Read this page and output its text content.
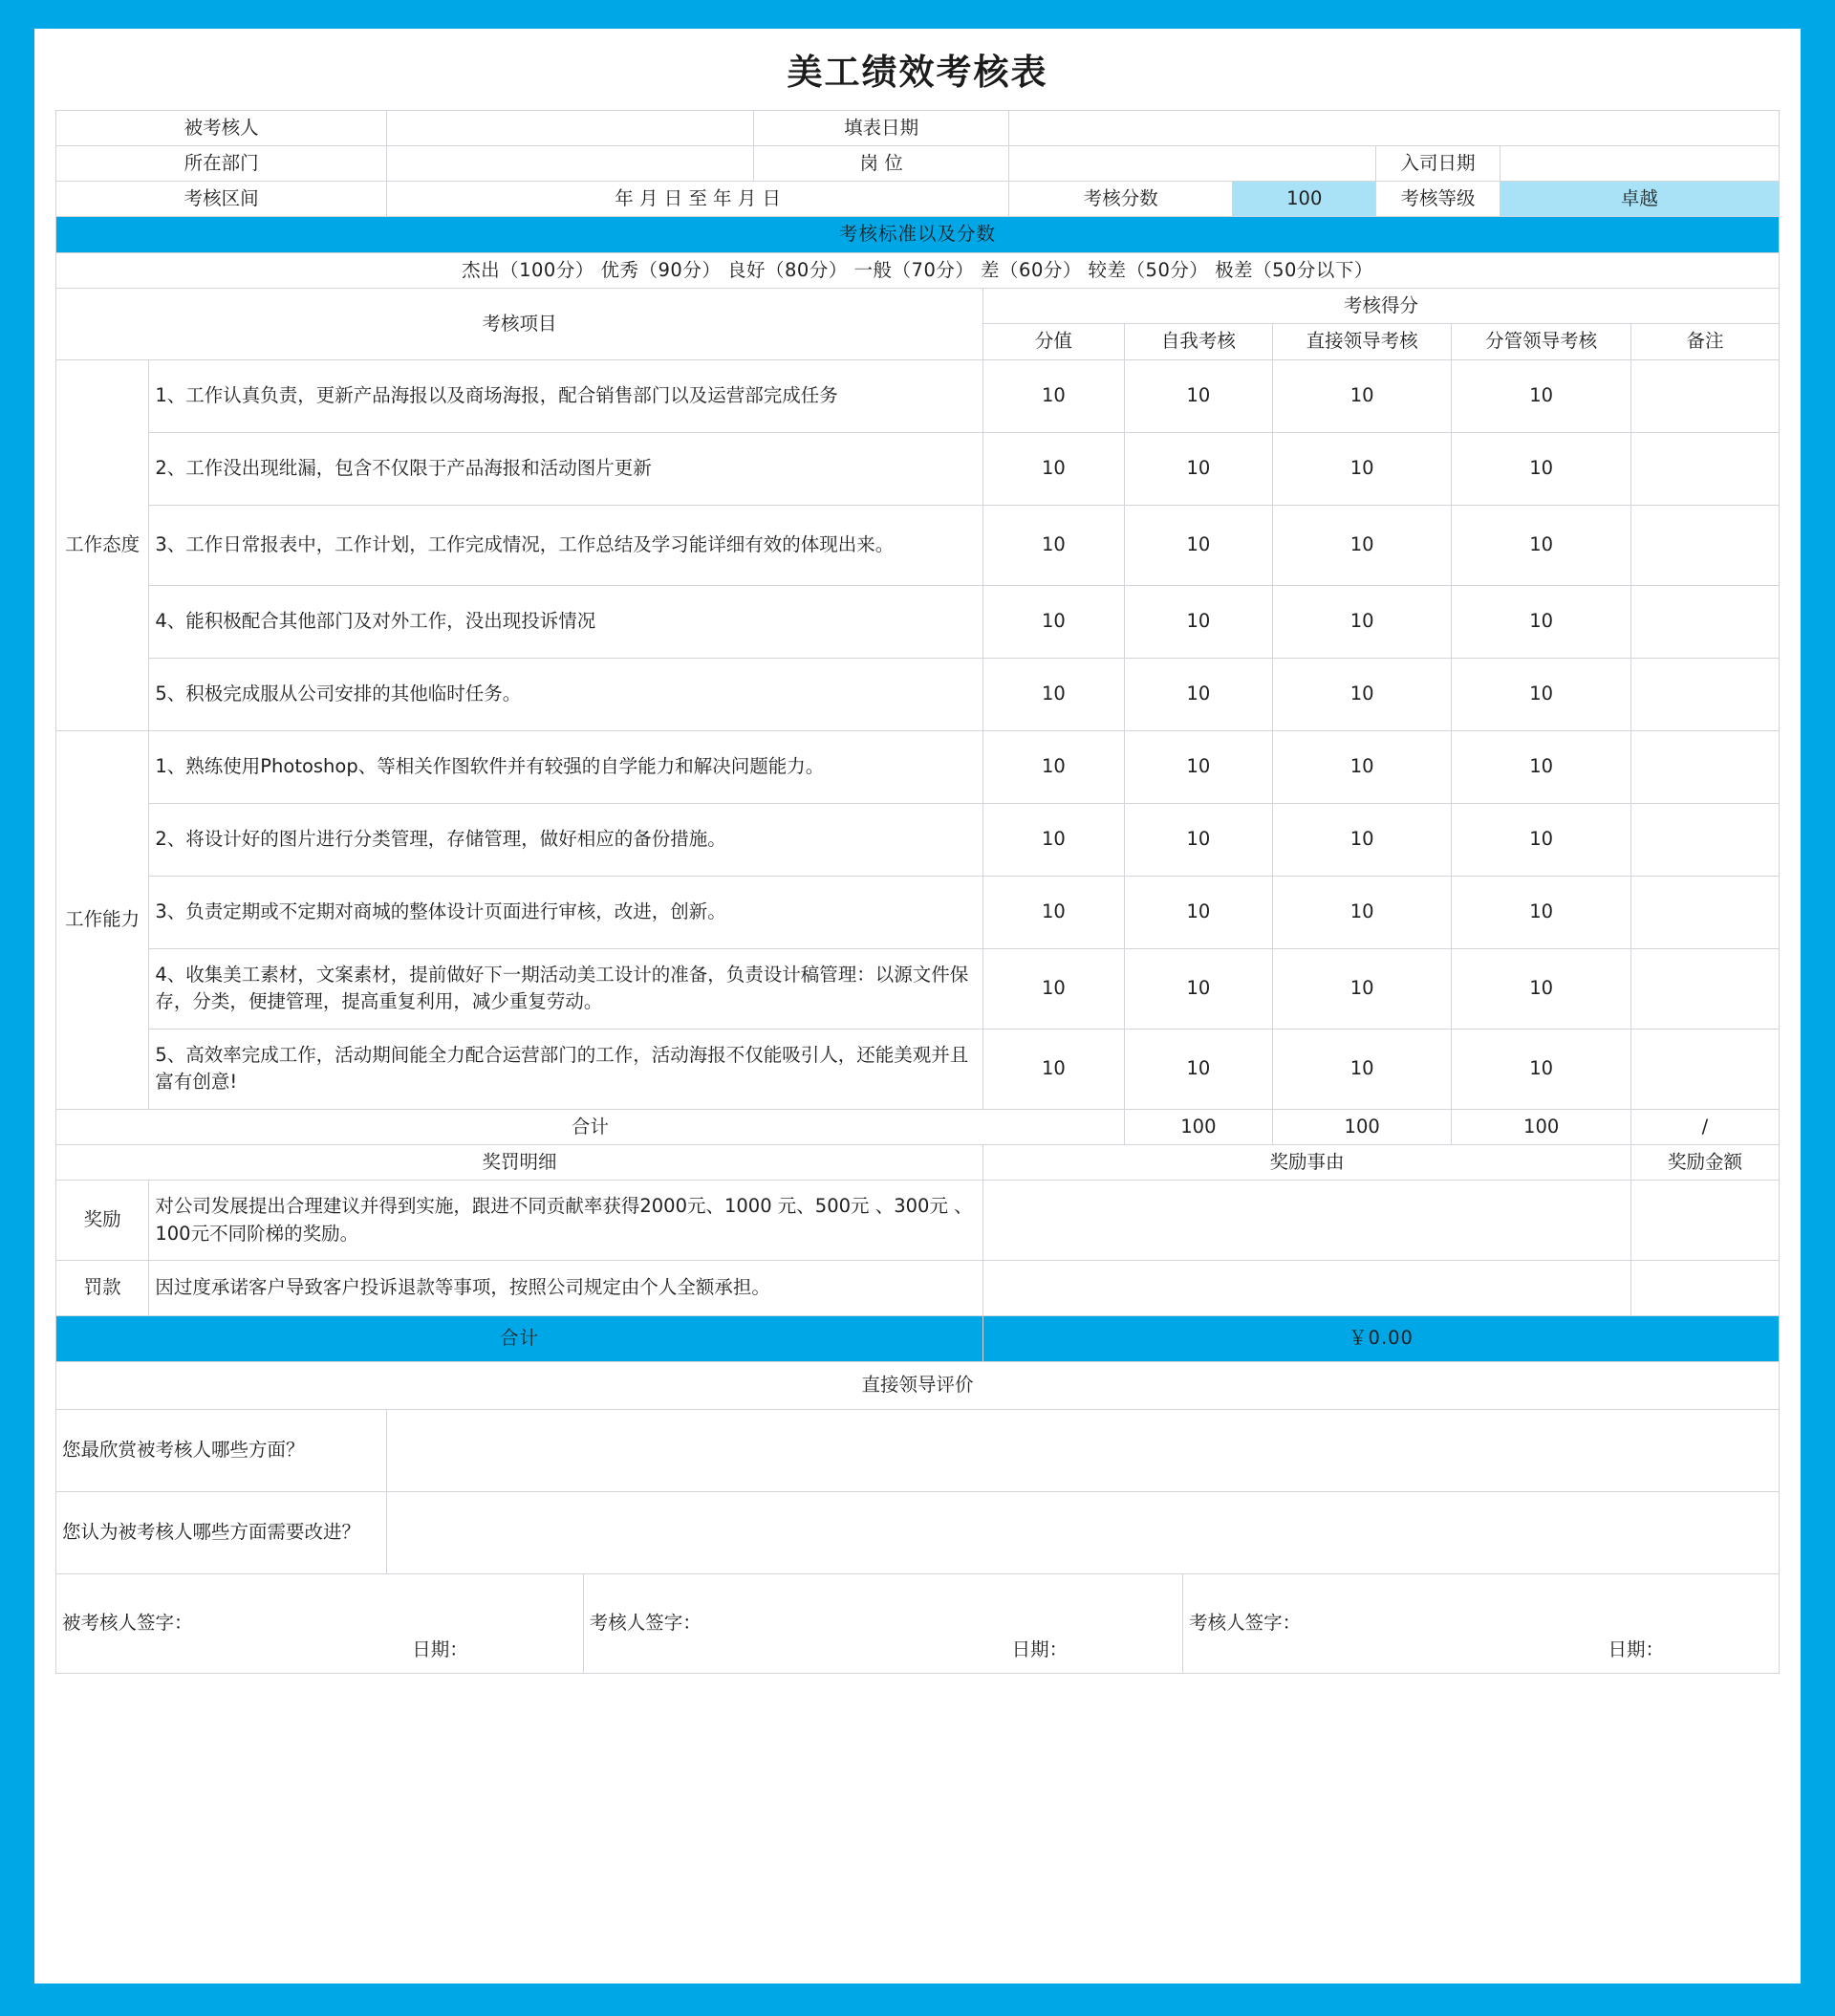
美工绩效考核表
被考核人		填表日期				
所在部门		岗 位			入司日期	
考核区间	年 月 日 至 年 月 日		考核分数	100	考核等级	卓越
考核标准以及分数
杰出（100分） 优秀（90分） 良好（80分） 一般（70分） 差（60分） 较差（50分） 极差（50分以下）
考核项目		考核得分				
		分值	自我考核	直接领导考核	分管领导考核	备注
工作态度	1、工作认真负责，更新产品海报以及商场海报，配合销售部门以及运营部完成任务	10	10	10	10	
	2、工作没出现纰漏，包含不仅限于产品海报和活动图片更新	10	10	10	10	
	3、工作日常报表中，工作计划，工作完成情况，工作总结及学习能详细有效的体现出来。	10	10	10	10	
	4、能积极配合其他部门及对外工作，没出现投诉情况	10	10	10	10	
	5、积极完成服从公司安排的其他临时任务。	10	10	10	10	
工作能力	1、熟练使用Photoshop、等相关作图软件并有较强的自学能力和解决问题能力。	10	10	10	10	
	2、将设计好的图片进行分类管理，存储管理，做好相应的备份措施。	10	10	10	10	
	3、负责定期或不定期对商城的整体设计页面进行审核，改进，创新。	10	10	10	10	
	4、收集美工素材，文案素材，提前做好下一期活动美工设计的准备，负责设计稿管理：以源文件保存，分类，便捷管理，提高重复利用，减少重复劳动。	10	10	10	10	
	5、高效率完成工作，活动期间能全力配合运营部门的工作，活动海报不仅能吸引人，还能美观并且富有创意!	10	10	10	10	
合计			100	100	100	/
奖罚明细		奖励事由	奖励金额
奖励	对公司发展提出合理建议并得到实施，跟进不同贡献率获得2000元、1000 元、500元 、300元 、100元不同阶梯的奖励。		
罚款	因过度承诺客户导致客户投诉退款等事项，按照公司规定由个人全额承担。		
合计		￥0.00	
直接领导评价	
您最欣赏被考核人哪些方面？	
您认为被考核人哪些方面需要改进？	
被考核人签字：
日期：

考核人签字：
日期：

考核人签字：
日期：
